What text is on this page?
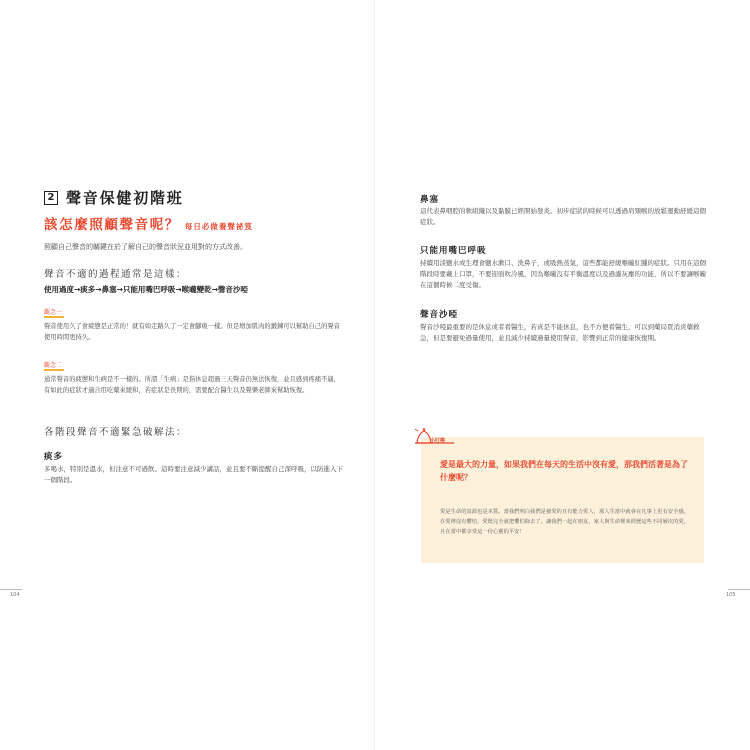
2 聲音保健初階班
該怎麼照顧聲音呢？ 每日必做養聲祕笈
照顧自己聲音的關鍵在於了解自己的聲音狀況並用對的方式改善。
聲音不適的過程通常是這樣：
使用過度→痰多→鼻塞→只能用嘴巴呼吸→喉嚨變乾→聲音沙啞
觀念一
聲音使用久了會疲憊是正常的！就有如走路久了一定會腳痠一樣。但是增加肌肉的鍛鍊可以幫助自己的聲音使用時間更持久。
觀念二
通常聲音的疲憊和生病是不一樣的。所謂「生病」是指休息超過三天聲音仍無法恢復，並且感到疼痛不適，有如此的症狀才適合用吃藥來緩和，若症狀是長期的，需要配合醫生以及聲樂老師來幫助恢復。
各階段聲音不適緊急破解法：
痰多
多喝水，特別是溫水，但注意不可過飲。這時要注意減少講話，並且要不斷提醒自己深呼吸，以防進入下一個階段。
104
鼻塞
這代表鼻咽腔的軟組織以及黏膜已經開始發炎。初步症狀的時候可以透過肩頸喉的放鬆運動舒緩這個症狀。
只能用嘴巴呼吸
持續用淡鹽水或生理食鹽水漱口、洗鼻子，或吸熱蒸氣，這些都能舒緩喉嚨紅腫的症狀。只用在這個階段時要戴上口罩，不要迎面吹冷風，因為喉嚨沒有平衡溫度以及過濾灰塵的功能，所以不要讓喉嚨在這個時候二度受傷。
聲音沙啞
聲音沙啞最重要的是休息或者看醫生，若真是不能休息，也不方便看醫生，可以到藥局買消炎藥救急，但是要避免過量使用，並且減少持續過量使用聲音，影響到正常的健康恢復期。
小叮嚀
愛是最大的力量，如果我們在每天的生活中沒有愛，那我們活著是為了什麼呢？
愛是生命的泉源也是本質。當我們明白我們是被愛的且有能力愛人，那人生當中就會在凡事上更有安全感。在愛裡沒有懼怕，愛既完全就把懼怕除去了。讓我們一起在朋友、家人與生命裡來經歷這些不同層次的愛，且在當中都享受這一份心靈的平安！
105
